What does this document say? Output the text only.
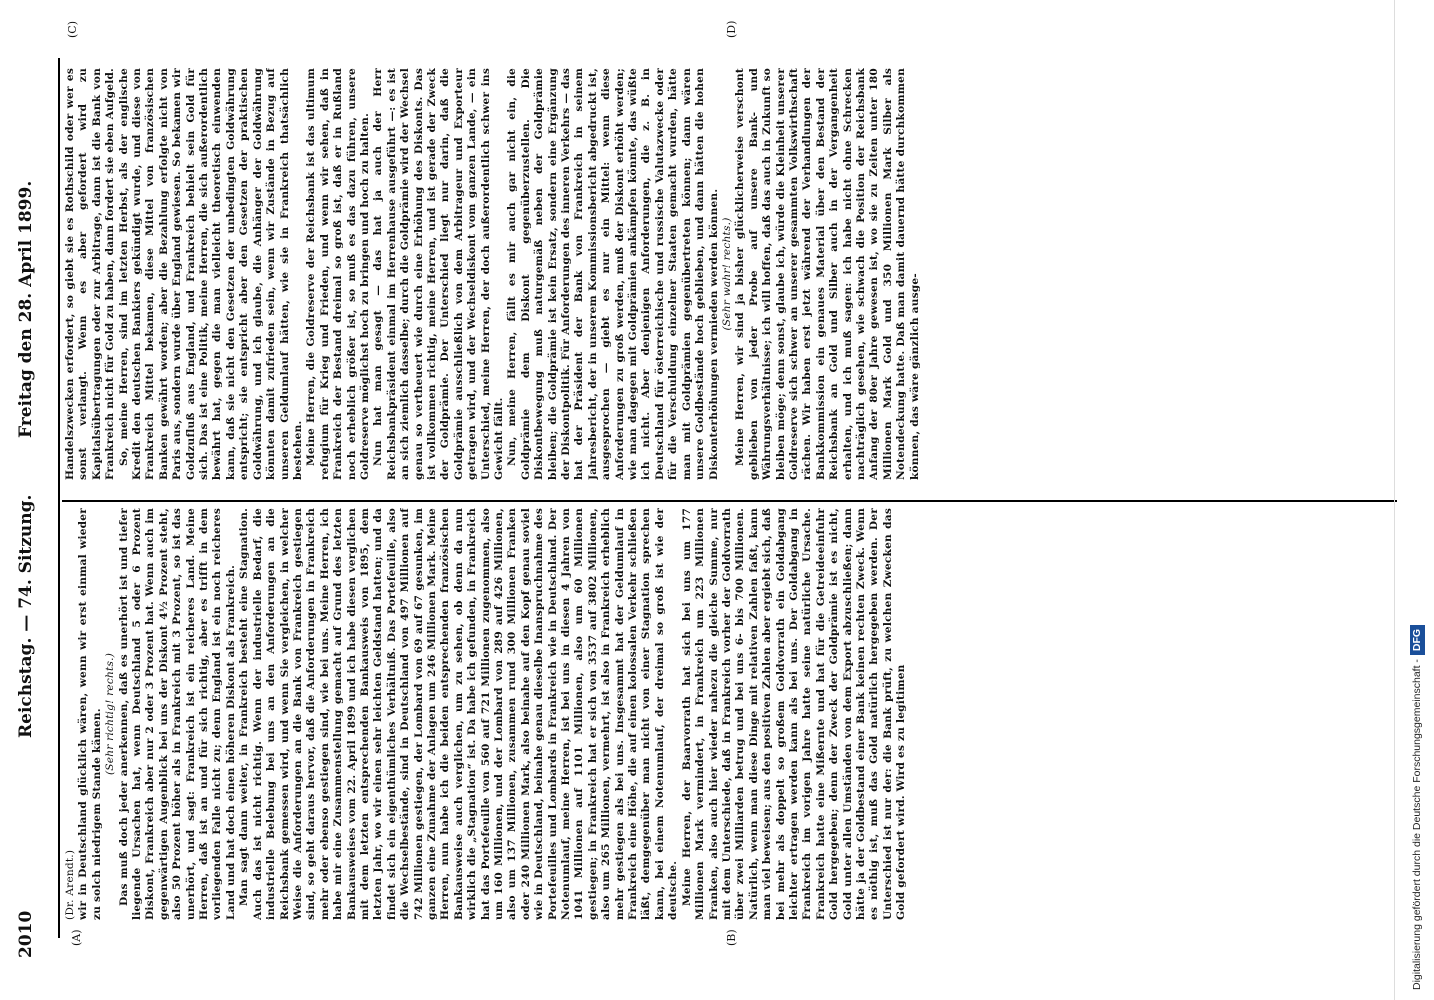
2010
Reichstag. — 74. Sitzung.
Freitag den 28. April 1899.
(A)	(B)
(C)	(D)

(Dr. Arendt.) wir in Deutschland glücklich wären, wenn wir erst einmal wieder zu solch niedrigem Stande kämen. (Sehr richtig! rechts.) Das muß doch jeder anerkennen, daß es unerhört ist und tiefer liegende Ursachen hat, wenn Deutschland 5 oder 6 Prozent Diskont, Frankreich aber nur 2 oder 3 Prozent hat. Wenn auch im gegenwärtigen Augenblick bei uns der Diskont 4½ Prozent steht, also 50 Prozent höher als in Frankreich mit 3 Prozent, so ist das unerhört, und sagt: Frankreich ist ein reicheres Land. Meine Herren, daß ist an und für sich richtig, aber es trifft in dem vorliegenden Falle nicht zu; denn England ist ein noch reicheres Land und hat doch einen höheren Diskont als Frankreich. Man sagt dann weiter, in Frankreich besteht eine Stagnation. Auch das ist nicht richtig. Wenn der industrielle Bedarf, die industrielle Belebung bei uns an den Anforderungen an die Reichsbank gemessen wird, und wenn Sie vergleichen, in welcher Weise die Anforderungen an die Bank von Frankreich gestiegen sind, so geht daraus hervor, daß die Anforderungen in Frankreich mehr oder ebenso gestiegen sind, wie bei uns. Meine Herren, ich habe mir eine Zusammenstellung gemacht auf Grund des letzten Bankausweises vom 22. April 1899 und ich habe diesen verglichen mit dem letzten entsprechenden Bankausweis von 1895, dem letzten Jahr, wo wir einen sehr leichten Geldstand hatten; und da findet sich ein eigenthümliches Verhältniß. Das Portefeuille, also die Wechselbestände, sind in Deutschland von 497 Millionen auf 742 Millionen gestiegen, der Lombard von 69 auf 67 gesunken, im ganzen eine Zunahme der Anlagen um 246 Millionen Mark. Meine Herren, nun habe ich die beiden entsprechenden französischen Bankausweise auch verglichen, um zu sehen, ob denn da nun wirklich die „Stagnation“ ist. Da habe ich gefunden, in Frankreich hat das Portefeuille von 560 auf 721 Millionen zugenommen, also um 160 Millionen, und der Lombard von 289 auf 426 Millionen, also um 137 Millionen, zusammen rund 300 Millionen Franken oder 240 Millionen Mark, also beinahe auf den Kopf genau soviel wie in Deutschland, beinahe genau dieselbe Inanspruchnahme des Portefeuilles und Lombards in Frankreich wie in Deutschland. Der Notenumlauf, meine Herren, ist bei uns in diesen 4 Jahren von 1041 Millionen auf 1101 Millionen, also um 60 Millionen gestiegen; in Frankreich hat er sich von 3537 auf 3802 Millionen, also um 265 Millionen, vermehrt, ist also in Frankreich erheblich mehr gestiegen als bei uns. Insgesammt hat der Geldumlauf in Frankreich eine Höhe, die auf einen kolossalen Verkehr schließen läßt, demgegenüber man nicht von einer Stagnation sprechen kann, bei einem Notenumlauf, der dreimal so groß ist wie der deutsche. Meine Herren, der Baarvorrath hat sich bei uns um 177 Millionen Mark vermindert, in Frankreich um 223 Millionen Franken, also auch hier wieder nahezu die gleiche Summe, nur mit dem Unterschiede, daß in Frankreich vorher der Goldvorrath über zwei Milliarden betrug und bei uns 6- bis 700 Millionen. Natürlich, wenn man diese Dinge mit relativen Zahlen faßt, kann man viel beweisen; aus den positiven Zahlen aber ergiebt sich, daß bei mehr als doppelt so großem Goldvorrath ein Goldabgang leichter ertragen werden kann als bei uns. Der Goldabgang in Frankreich im vorigen Jahre hatte seine natürliche Ursache. Frankreich hatte eine Mißernte und hat für die Getreideeinfuhr Gold hergegeben; denn der Zweck der Goldprämie ist es nicht, Gold unter allen Umständen von dem Export abzuschließen; dann hätte ja der Goldbestand einer Bank keinen rechten Zweck. Wenn es nöthig ist, muß das Gold natürlich hergegeben werden. Der Unterschied ist nur der: die Bank prüft, zu welchen Zwecken das Gold gefordert wird. Wird es zu legitimen

Handelszwecken erfordert, so giebt sie es Rothschild oder wer es sonst verlangt. Wenn es aber gefordert wird zu Kapitalsübertragungen oder zur Arbitrage, dann ist die Bank von Frankreich nicht für Gold zu haben, dann fordert sie eben Aufgeld. So, meine Herren, sind im letzten Herbst, als der englische Kredit den deutschen Bankiers gekündigt wurde, und diese von Frankreich Mittel bekamen, diese Mittel von französischen Banken gewährt worden; aber die Bezahlung erfolgte nicht von Paris aus, sondern wurde über England gewiesen. So bekamen wir Goldzufluß aus England, und Frankreich behielt sein Gold für sich. Das ist eine Politik, meine Herren, die sich außerordentlich bewährt hat, gegen die man vielleicht theoretisch einwenden kann, daß sie nicht den Gesetzen der unbedingten Goldwährung entspricht; sie entspricht aber den Gesetzen der praktischen Goldwährung, und ich glaube, die Anhänger der Goldwährung könnten damit zufrieden sein, wenn wir Zustände in Bezug auf unseren Geldumlauf hätten, wie sie in Frankreich thatsächlich bestehen. Meine Herren, die Goldreserve der Reichsbank ist das ultimum refugium für Krieg und Frieden, und wenn wir sehen, daß in Frankreich der Bestand dreimal so groß ist, daß er in Rußland noch erheblich größer ist, so muß es das dazu führen, unsere Goldreserve möglichst hoch zu bringen und hoch zu halten. Nun hat man gesagt — das hat ja auch der Herr Reichsbankpräsident einmal im Herrenhause ausgeführt —: es ist an sich ziemlich dasselbe; durch die Goldprämie wird der Wechsel genau so vertheuert wie durch eine Erhöhung des Diskonts. Das ist vollkommen richtig, meine Herren, und ist gerade der Zweck der Goldprämie. Der Unterschied liegt nur darin, daß die Goldprämie ausschließlich von dem Arbitrageur und Exporteur getragen wird, und der Wechseldiskont vom ganzen Lande, — ein Unterschied, meine Herren, der doch außerordentlich schwer ins Gewicht fällt. Nun, meine Herren, fällt es mir auch gar nicht ein, die Goldprämie dem Diskont gegenüberzustellen. Die Diskontbewegung muß naturgemäß neben der Goldprämie bleiben; die Goldprämie ist kein Ersatz, sondern eine Ergänzung der Diskontpolitik. Für Anforderungen des inneren Verkehrs — das hat der Präsident der Bank von Frankreich in seinem Jahresbericht, der in unserem Kommissionsbericht abgedruckt ist, ausgesprochen — giebt es nur ein Mittel: wenn diese Anforderungen zu groß werden, muß der Diskont erhöht werden; wie man dagegen mit Goldprämien ankämpfen könnte, das wüßte ich nicht. Aber denjenigen Anforderungen, die z. B. in Deutschland für österreichische und russische Valutazwecke oder für die Verschuldung einzelner Staaten gemacht wurden, hätte man mit Goldprämien gegenübertreten können; dann wären unsere Goldbestände hoch geblieben, und dann hätten die hohen Diskonterhöhungen vermieden werden können. (Sehr wahr! rechts.) Meine Herren, wir sind ja bisher glücklicherweise verschont geblieben von jeder Probe auf unsere Bank- und Währungsverhältnisse; ich will hoffen, daß das auch in Zukunft so bleiben möge; denn sonst, glaube ich, würde die Kleinheit unserer Goldreserve sich schwer an unserer gesammten Volkswirthschaft rächen. Wir haben erst jetzt während der Verhandlungen der Bankkommission ein genaues Material über den Bestand der Reichsbank an Gold und Silber auch in der Vergangenheit erhalten, und ich muß sagen: ich habe nicht ohne Schrecken nachträglich gesehen, wie schwach die Position der Reichsbank Anfang der 80er Jahre gewesen ist, wo sie zu Zeiten unter 180 Millionen Mark Gold und 350 Millionen Mark Silber als Notendeckung hatte. Daß man damit dauernd hätte durchkommen können, das wäre gänzlich ausge-

Digitalisierung gefördert durch die Deutsche Forschungsgemeinschaft -DFG
